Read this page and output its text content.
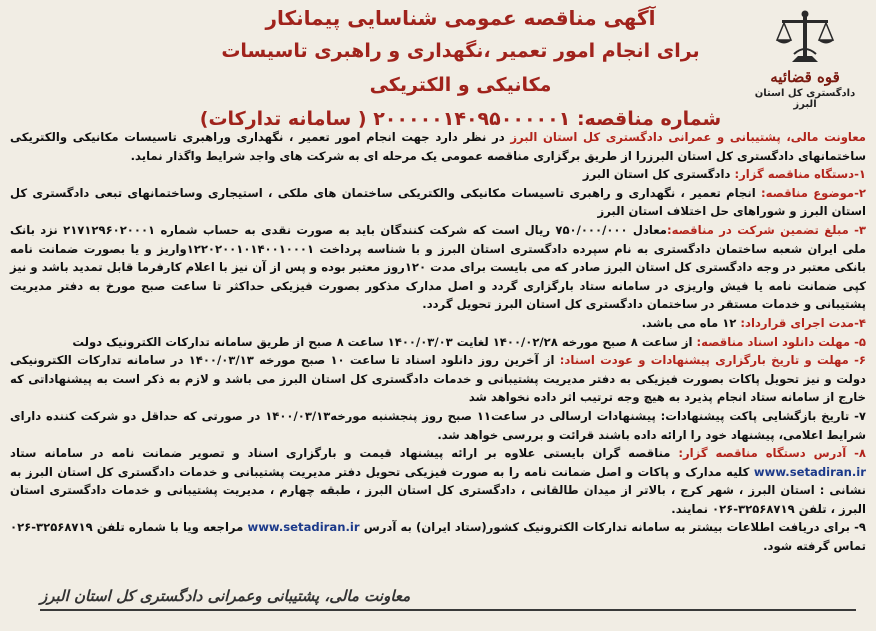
قوه قضائیه
دادگستری کل استان البرز
آگهی مناقصه عمومی شناسایی پیمانکار
برای انجام امور تعمیر ،نگهداری و راهبری تاسیسات مکانیکی و الکتریکی
شماره مناقصه: ۲۰۰۰۰۰۱۴۰۹۵۰۰۰۰۰۱ ( سامانه تدارکات)

معاونت مالی، پشتیبانی و عمرانی دادگستری کل استان البرز در نظر دارد جهت انجام امور تعمیر ، نگهداری وراهبری تاسیسات مکانیکی والکتریکی ساختمانهای دادگستری کل استان البرزرا از طریق برگزاری مناقصه عمومی یک مرحله ای به شرکت های واجد شرایط واگذار نماید.

۱-دستگاه مناقصه گزار: دادگستری کل استان البرز

۲-موضوع مناقصه: انجام تعمیر ، نگهداری و راهبری تاسیسات مکانیکی والکتریکی ساختمان های ملکی ، استیجاری وساختمانهای تبعی دادگستری کل استان البرز و شوراهای حل اختلاف استان البرز

۳- مبلغ تضمین شرکت در مناقصه:معادل ۷۵۰/۰۰۰/۰۰۰ ریال است که شرکت کنندگان باید به صورت نقدی به حساب شماره ۲۱۷۱۲۹۶۰۲۰۰۰۱ نزد بانک ملی ایران شعبه ساختمان دادگستری به نام سپرده دادگستری استان البرز و با شناسه پرداخت ۱۲۲۰۲۰۰۱۰۱۴۰۰۱۰۰۰۱واریز و یا بصورت ضمانت نامه بانکی معتبر در وجه دادگستری کل استان البرز صادر که می بایست برای مدت ۱۲۰روز معتبر بوده و پس از آن نیز با اعلام کارفرما قابل تمدید باشد و نیز کپی ضمانت نامه یا فیش واریزی در سامانه ستاد بارگزاری گردد و اصل مدارک مذکور بصورت فیزیکی حداکثر تا ساعت صبح مورخ به دفتر مدیریت پشتیبانی و خدمات مستقر در ساختمان دادگستری کل استان البرز تحویل گردد.

۴-مدت اجرای قرارداد: ۱۲ ماه می باشد.

۵- مهلت دانلود اسناد مناقصه: از ساعت ۸ صبح مورخه ۱۴۰۰/۰۲/۲۸ لغایت ۱۴۰۰/۰۳/۰۳ ساعت ۸ صبح از طریق سامانه تدارکات الکترونیک دولت

۶- مهلت و تاریخ بارگزاری پیشنهادات و عودت اسناد: از آخرین روز دانلود اسناد تا ساعت ۱۰ صبح مورخه ۱۴۰۰/۰۳/۱۳ در سامانه تدارکات الکترونیکی دولت و نیز تحویل پاکات بصورت فیزیکی به دفتر مدیریت پشتیبانی و خدمات دادگستری کل استان البرز می باشد و لازم به ذکر است به پیشنهاداتی که خارج از سامانه ستاد انجام پذیرد به هیچ وجه ترتیب اثر داده نخواهد شد

۷- تاریخ بازگشایی پاکت پیشنهادات: پیشنهادات ارسالی در ساعت۱۱ صبح روز پنجشنبه مورخه۱۴۰۰/۰۳/۱۳ در صورتی که حداقل دو شرکت کننده دارای شرایط اعلامی، پیشنهاد خود را ارائه داده باشند قرائت و بررسی خواهد شد.

۸- آدرس دستگاه مناقصه گزار: مناقصه گران بایستی علاوه بر ارائه پیشنهاد قیمت و بارگزاری اسناد و تصویر ضمانت نامه در سامانه ستاد www.setadiran.ir کلیه مدارک و پاکات و اصل ضمانت نامه را به صورت فیزیکی تحویل دفتر مدیریت پشتیبانی و خدمات دادگستری کل استان البرز به نشانی : استان البرز ، شهر کرج ، بالاتر از میدان طالقانی ، دادگستری کل استان البرز ، طبقه چهارم ، مدیریت پشتیبانی و خدمات دادگستری استان البرز ، تلفن ۳۲۵۶۸۷۱۹-۰۲۶ نمایند.

۹- برای دریافت اطلاعات بیشتر به سامانه تدارکات الکترونیک کشور(ستاد ایران) به آدرس www.setadiran.ir مراجعه ویا با شماره تلفن ۳۲۵۶۸۷۱۹-۰۲۶ تماس گرفته شود.

معاونت مالی، پشتیبانی وعمرانی دادگستری کل استان البرز
